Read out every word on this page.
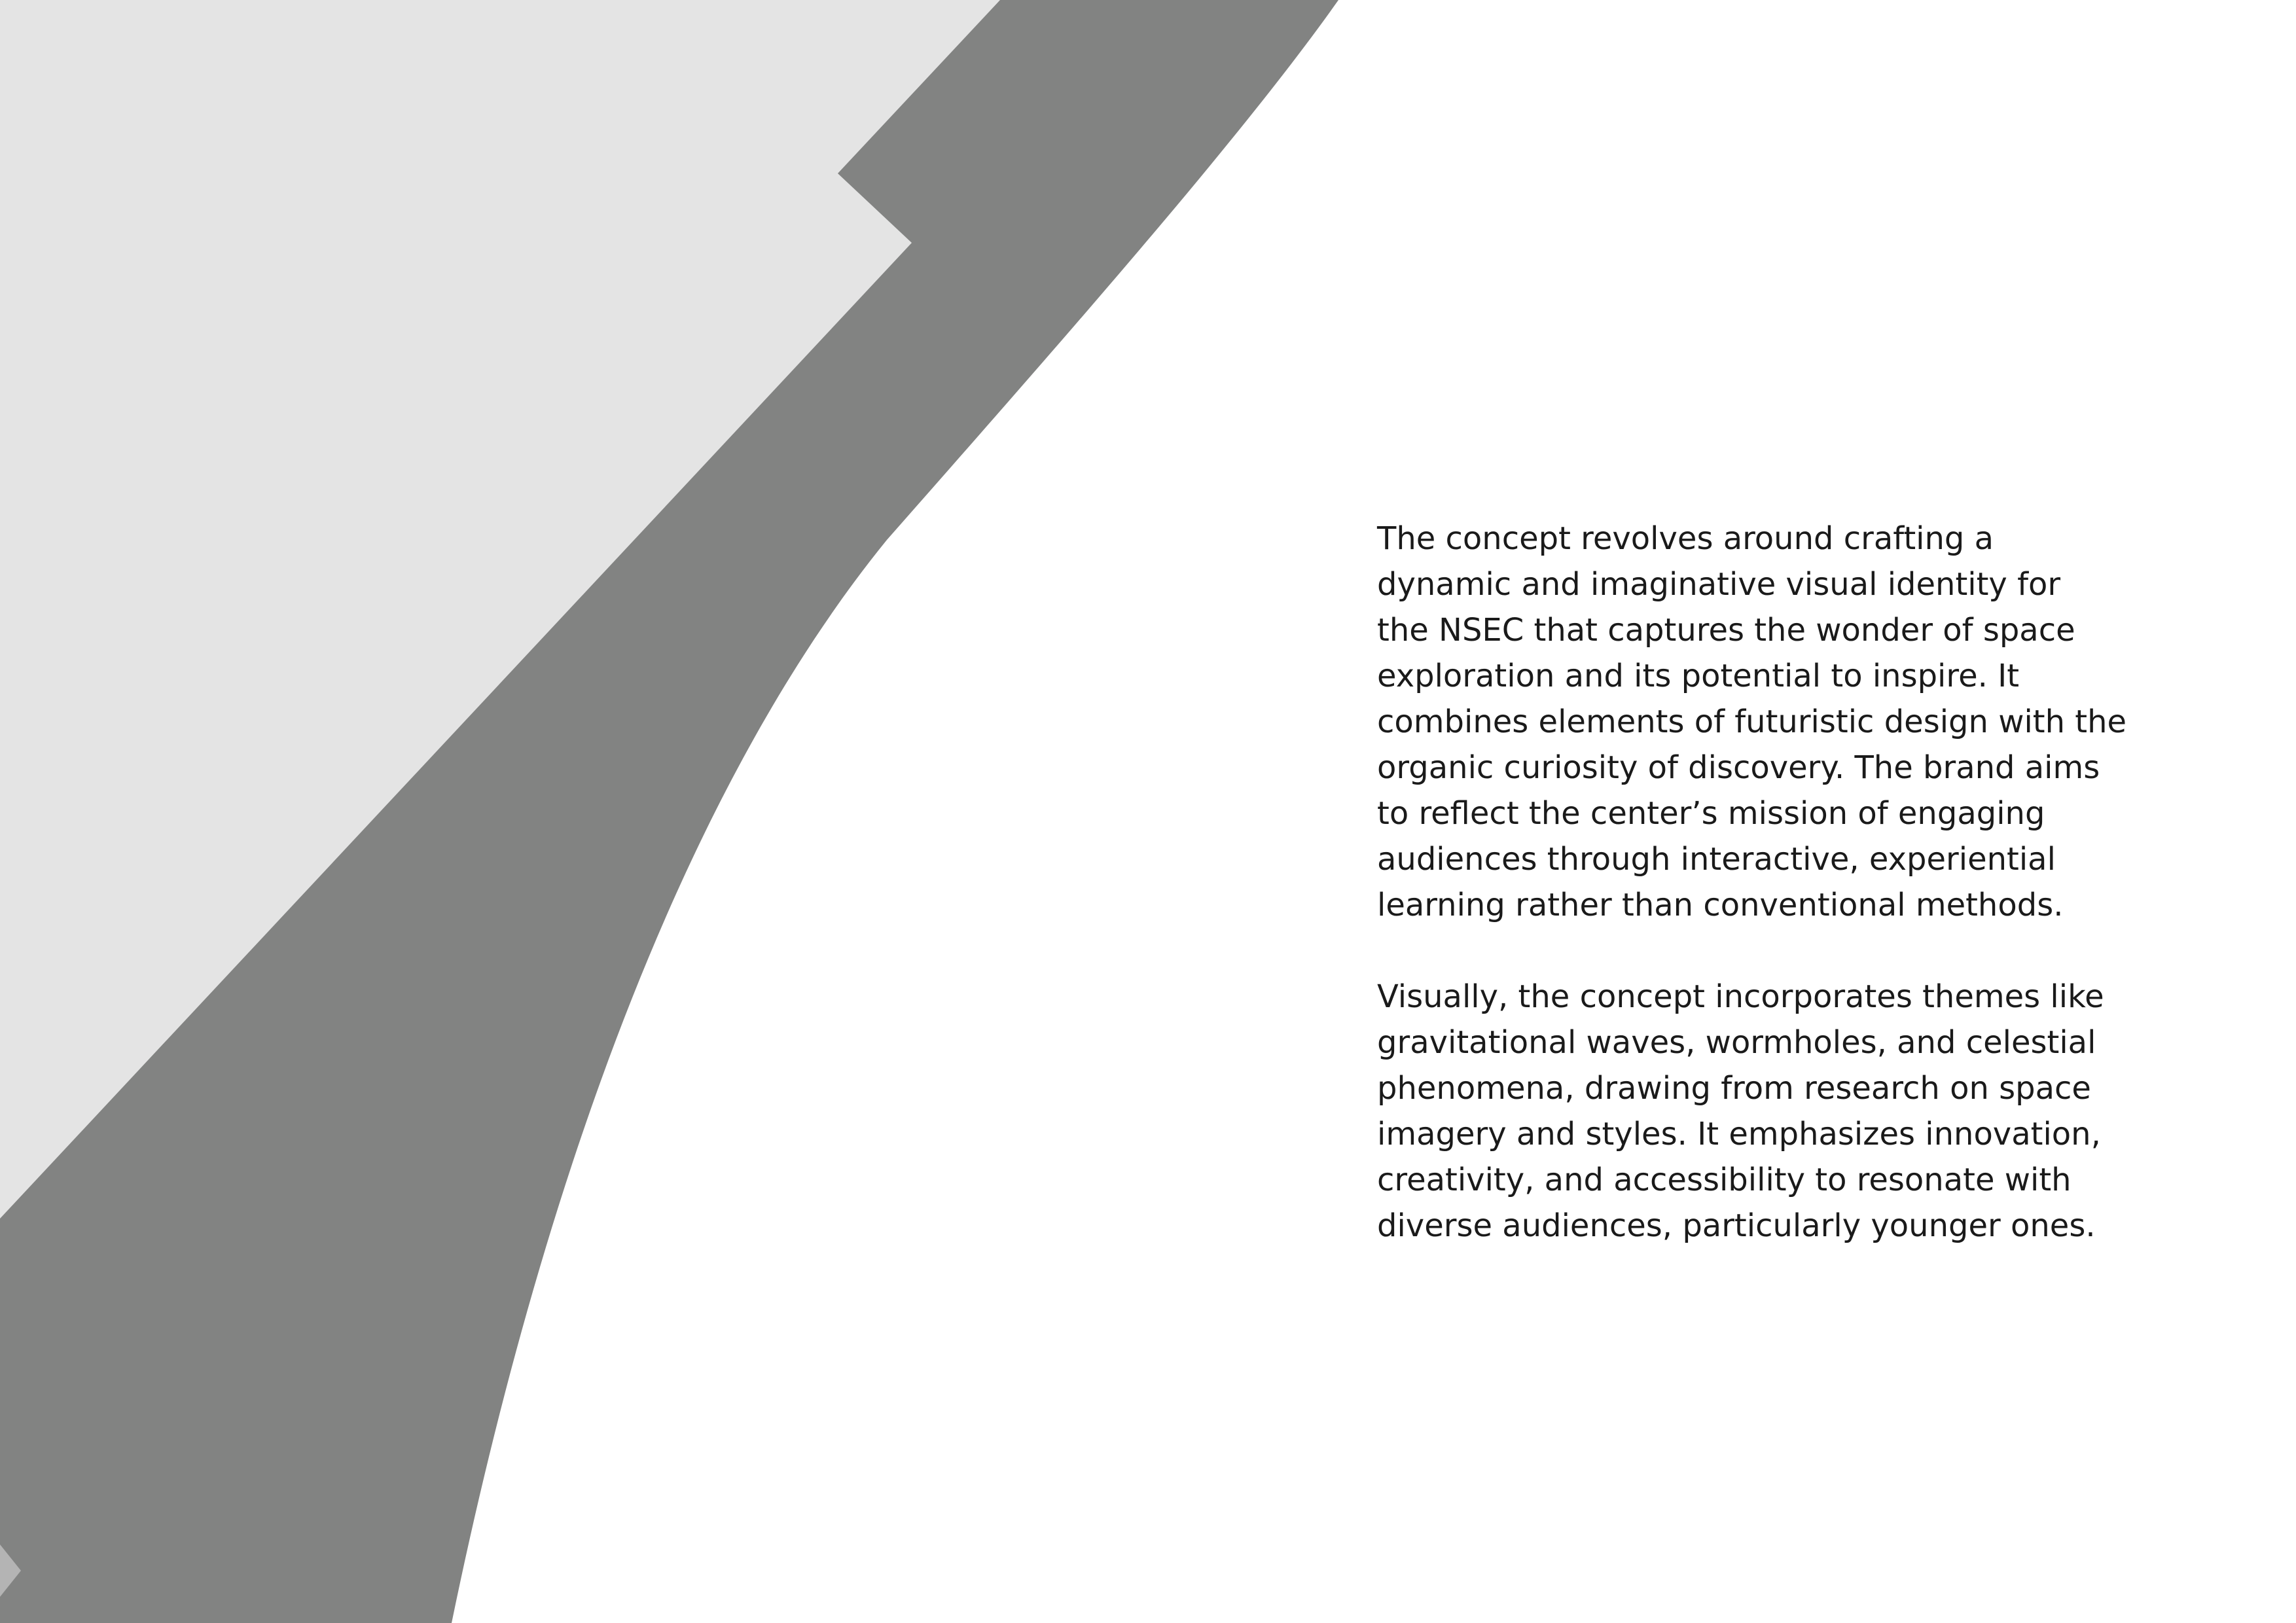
The concept revolves around crafting a
dynamic and imaginative visual identity for
the NSEC that captures the wonder of space
exploration and its potential to inspire. It
combines elements of futuristic design with the
organic curiosity of discovery. The brand aims
to reflect the center’s mission of engaging
audiences through interactive, experiential
learning rather than conventional methods.

Visually, the concept incorporates themes like
gravitational waves, wormholes, and celestial
phenomena, drawing from research on space
imagery and styles. It emphasizes innovation,
creativity, and accessibility to resonate with
diverse audiences, particularly younger ones.
